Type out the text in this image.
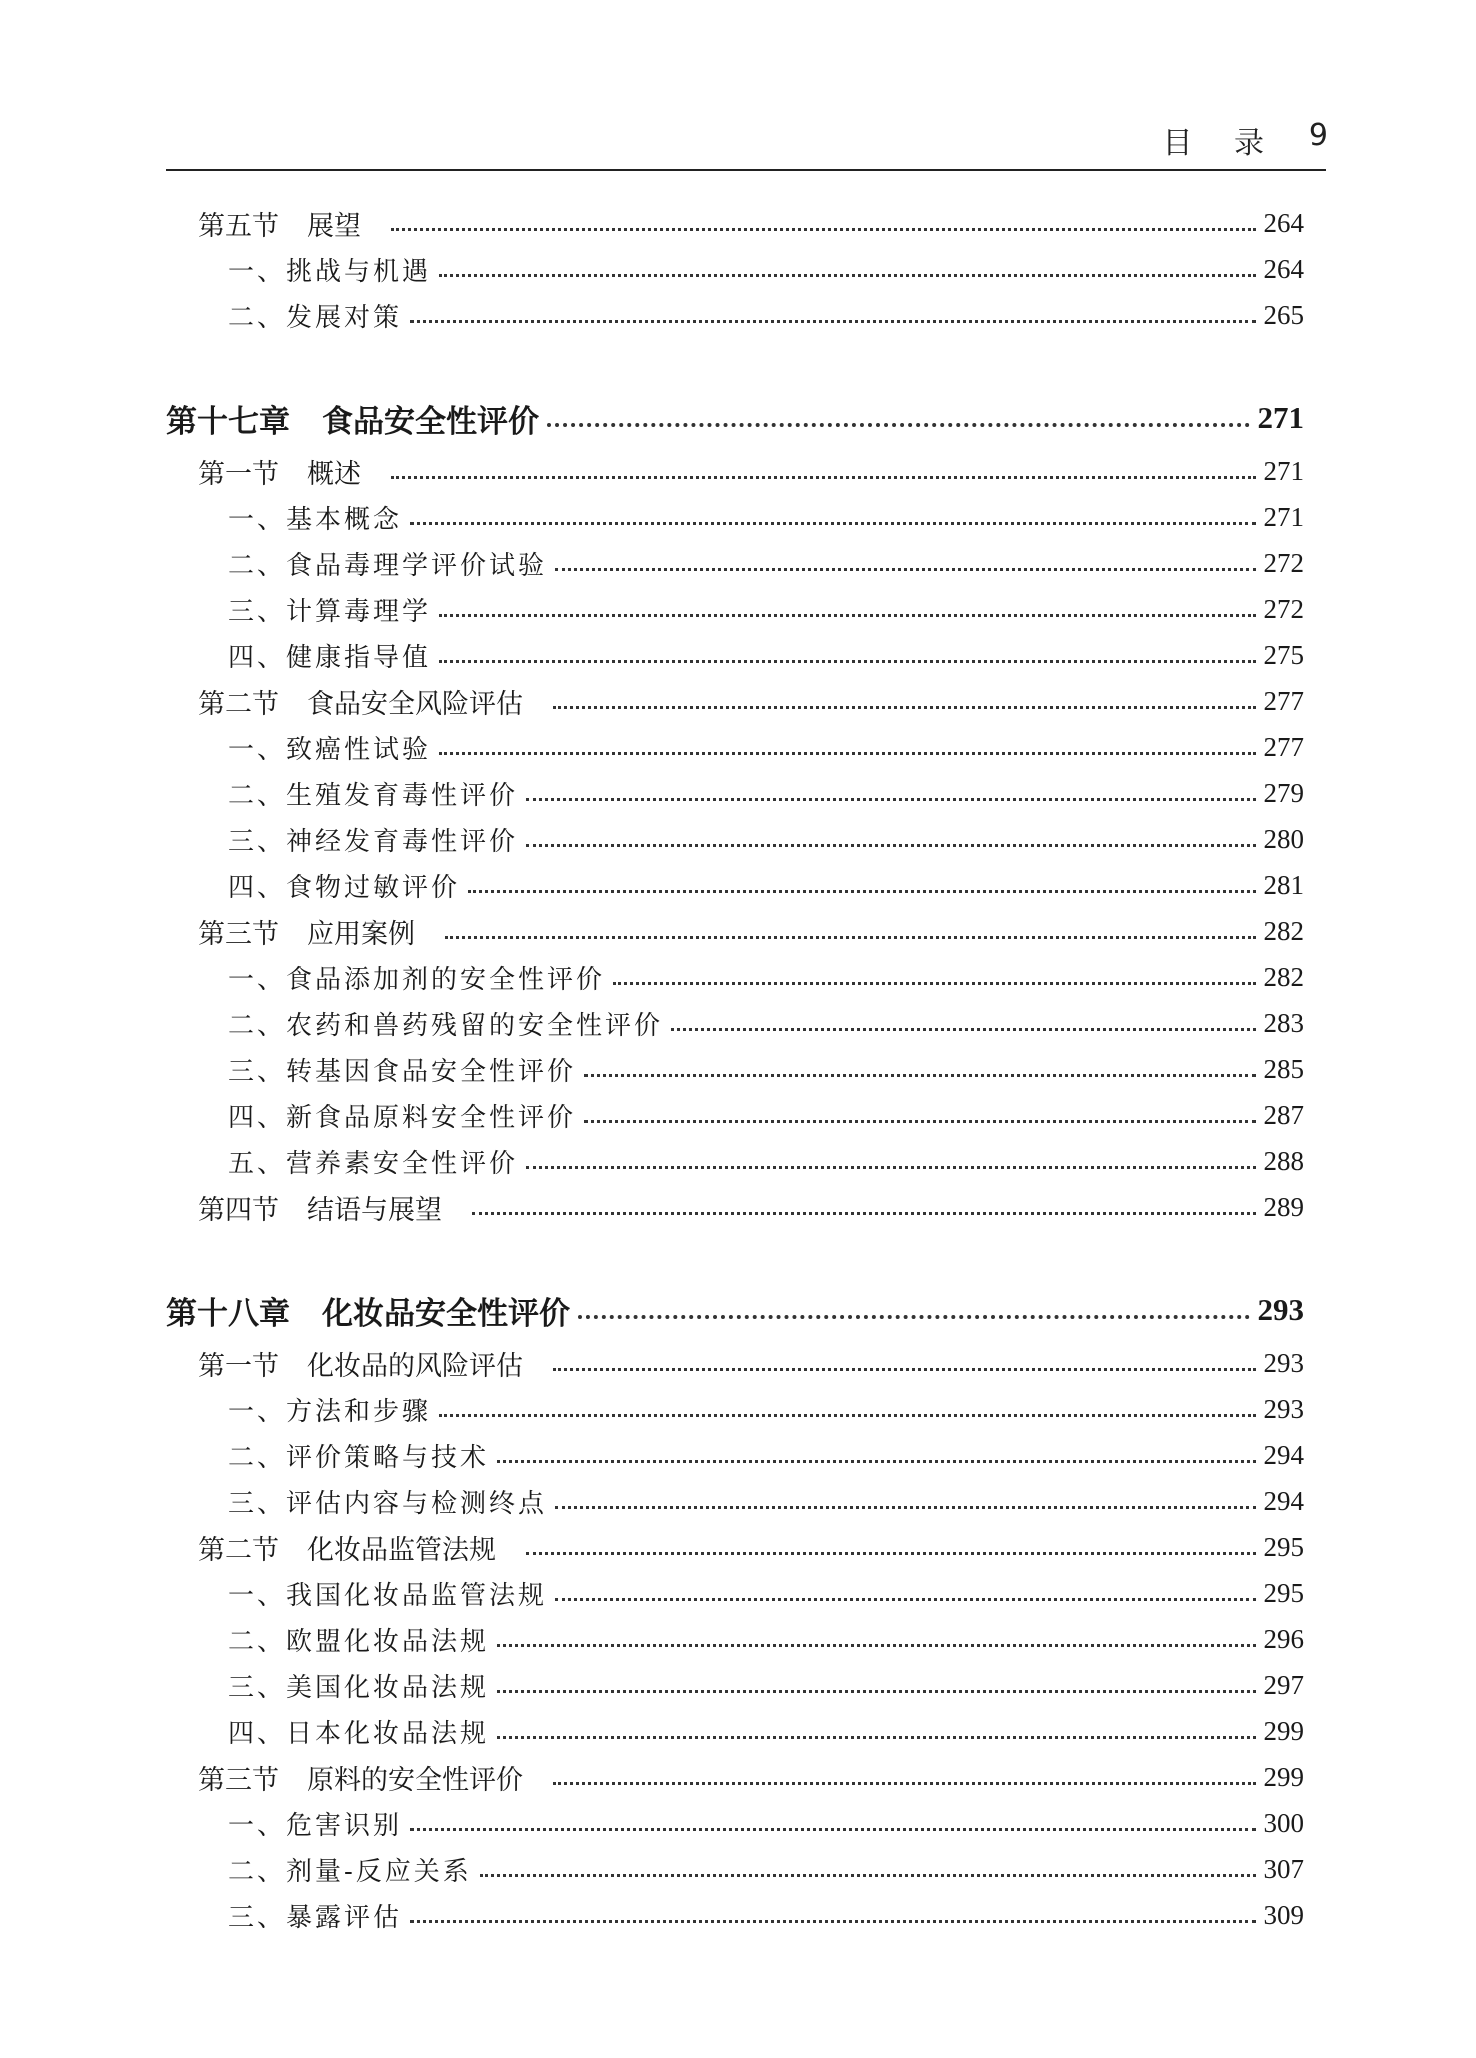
目 录 9
第五节 展望	264
一、挑战与机遇	264
二、发展对策	265
第十七章 食品安全性评价	271
第一节 概述	271
一、基本概念	271
二、食品毒理学评价试验	272
三、计算毒理学	272
四、健康指导值	275
第二节 食品安全风险评估	277
一、致癌性试验	277
二、生殖发育毒性评价	279
三、神经发育毒性评价	280
四、食物过敏评价	281
第三节 应用案例	282
一、食品添加剂的安全性评价	282
二、农药和兽药残留的安全性评价	283
三、转基因食品安全性评价	285
四、新食品原料安全性评价	287
五、营养素安全性评价	288
第四节 结语与展望	289
第十八章 化妆品安全性评价	293
第一节 化妆品的风险评估	293
一、方法和步骤	293
二、评价策略与技术	294
三、评估内容与检测终点	294
第二节 化妆品监管法规	295
一、我国化妆品监管法规	295
二、欧盟化妆品法规	296
三、美国化妆品法规	297
四、日本化妆品法规	299
第三节 原料的安全性评价	299
一、危害识别	300
二、剂量-反应关系	307
三、暴露评估	309
